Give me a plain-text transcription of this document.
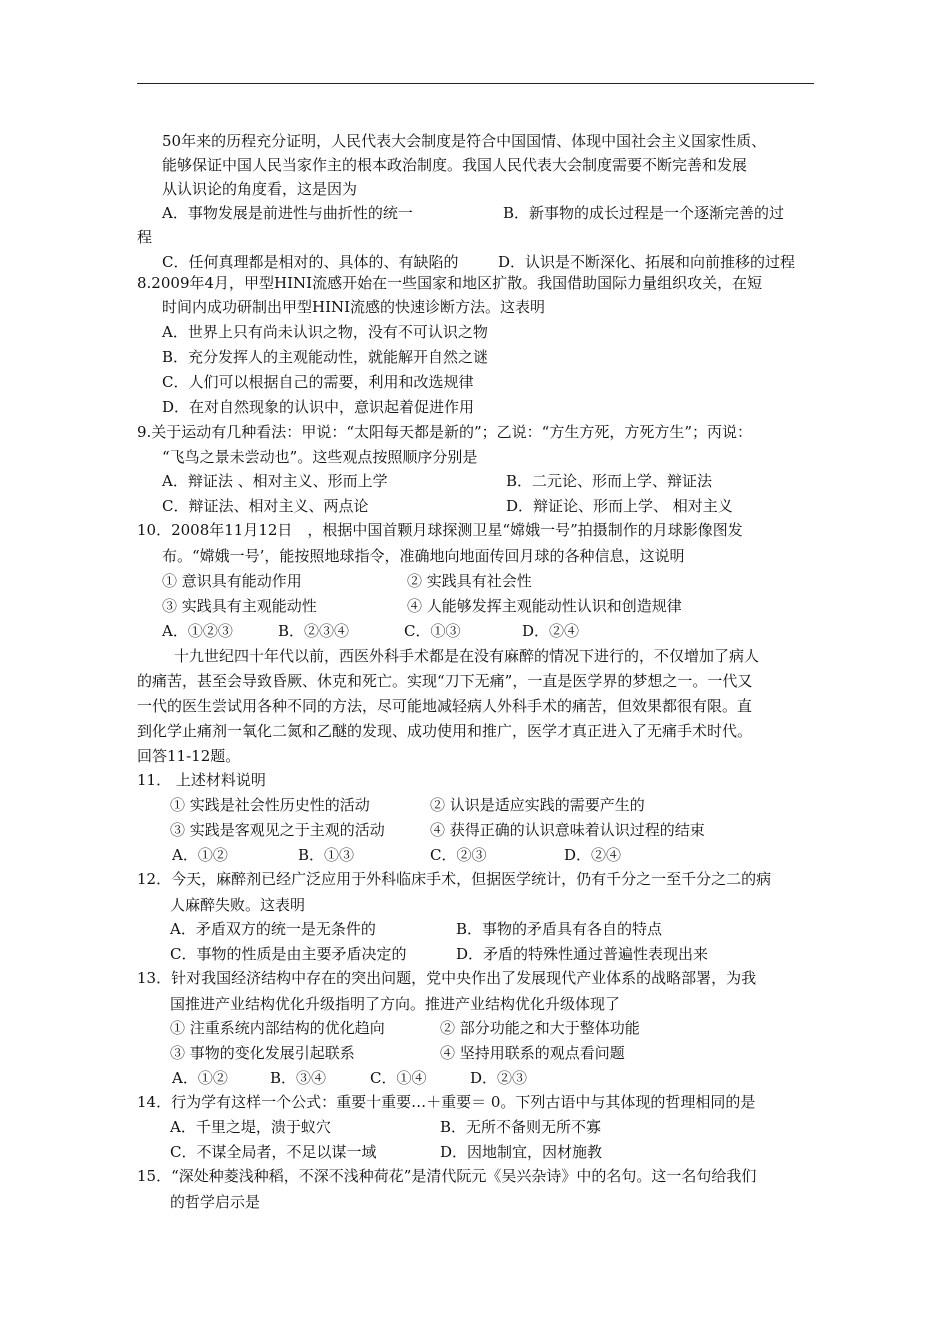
50年来的历程充分证明，人民代表大会制度是符合中国国情、体现中国社会主义国家性质、
能够保证中国人民当家作主的根本政治制度。我国人民代表大会制度需要不断完善和发展
从认识论的角度看，这是因为
A．事物发展是前进性与曲折性的统一	B．新事物的成长过程是一个逐渐完善的过
程
C．任何真理都是相对的、具体的、有缺陷的	D．认识是不断深化、拓展和向前推移的过程
8.2009年4月，甲型HINI流感开始在一些国家和地区扩散。我国借助国际力量组织攻关，在短
时间内成功研制出甲型HINI流感的快速诊断方法。这表明
A．世界上只有尚未认识之物，没有不可认识之物
B．充分发挥人的主观能动性，就能解开自然之谜
C．人们可以根据自己的需要，利用和改选规律
D．在对自然现象的认识中，意识起着促进作用
9.关于运动有几种看法：甲说：“太阳每天都是新的”；乙说：“方生方死，方死方生”；丙说：
“飞鸟之景未尝动也”。这些观点按照顺序分别是
A．辩证法 、相对主义、形而上学	B．二元论、形而上学、辩证法
C．辩证法、相对主义、两点论	D．辩证论、形而上学、 相对主义
10．2008年11月12日　，根据中国首颗月球探测卫星“嫦娥一号”拍摄制作的月球影像图发
布。“嫦娥一号’，能按照地球指令，准确地向地面传回月球的各种信息，这说明
① 意识具有能动作用	② 实践具有社会性
③ 实践具有主观能动性	④ 人能够发挥主观能动性认识和创造规律
A．①②③	B．②③④	C．①③	D．②④
十九世纪四十年代以前，西医外科手术都是在没有麻醉的情况下进行的，不仅增加了病人
的痛苦，甚至会导致昏厥、休克和死亡。实现“刀下无痛”，一直是医学界的梦想之一。一代又
一代的医生尝试用各种不同的方法，尽可能地减轻病人外科手术的痛苦，但效果都很有限。直
到化学止痛剂一氧化二氮和乙醚的发现、成功使用和推广，医学才真正进入了无痛手术时代。
回答11-12题。
11． 上述材料说明
① 实践是社会性历史性的活动	② 认识是适应实践的需要产生的
③ 实践是客观见之于主观的活动	④ 获得正确的认识意味着认识过程的结束
A．①②	B．①③	C．②③	D．②④
12．今天，麻醉剂已经广泛应用于外科临床手术，但据医学统计，仍有千分之一至千分之二的病
人麻醉失败。这表明
A．矛盾双方的统一是无条件的	B．事物的矛盾具有各自的特点
C．事物的性质是由主要矛盾决定的	D．矛盾的特殊性通过普遍性表现出来
13．针对我国经济结构中存在的突出问题，党中央作出了发展现代产业体系的战略部署，为我
国推进产业结构优化升级指明了方向。推进产业结构优化升级体现了
① 注重系统内部结构的优化趋向	② 部分功能之和大于整体功能
③ 事物的变化发展引起联系	④ 坚持用联系的观点看问题
A．①②	B．③④	C．①④	D．②③
14．行为学有这样一个公式：重要十重要…＋重要＝ 0。下列古语中与其体现的哲理相同的是
A．千里之堤，溃于蚁穴	B．无所不备则无所不寡
C．不谋全局者，不足以谋一域	D．因地制宜，因材施教
15．“深处种菱浅种稻，不深不浅种荷花”是清代阮元《吴兴杂诗》中的名句。这一名句给我们
的哲学启示是
